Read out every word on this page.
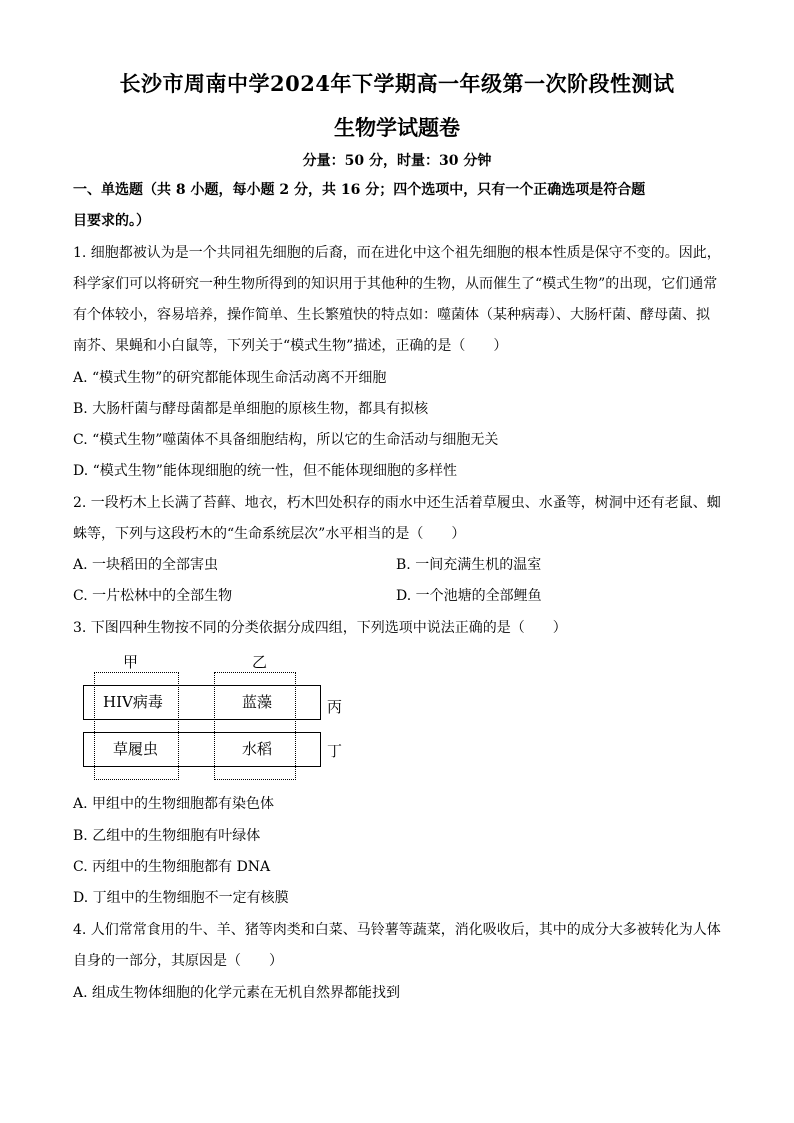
长沙市周南中学2024年下学期高一年级第一次阶段性测试
生物学试题卷
分量：50 分，时量：30 分钟
一、单选题（共 8 小题，每小题 2 分，共 16 分；四个选项中，只有一个正确选项是符合题
目要求的。）
1. 细胞都被认为是一个共同祖先细胞的后裔，而在进化中这个祖先细胞的根本性质是保守不变的。因此，
科学家们可以将研究一种生物所得到的知识用于其他种的生物，从而催生了“模式生物”的出现，它们通常
有个体较小，容易培养，操作简单、生长繁殖快的特点如：噬菌体（某种病毒）、大肠杆菌、酵母菌、拟
南芥、果蝇和小白鼠等，下列关于“模式生物”描述，正确的是（　　）
A. “模式生物”的研究都能体现生命活动离不开细胞
B. 大肠杆菌与酵母菌都是单细胞的原核生物，都具有拟核
C. “模式生物”噬菌体不具备细胞结构，所以它的生命活动与细胞无关
D. “模式生物”能体现细胞的统一性，但不能体现细胞的多样性
2. 一段朽木上长满了苔藓、地衣，朽木凹处积存的雨水中还生活着草履虫、水蚤等，树洞中还有老鼠、蜘
蛛等，下列与这段朽木的“生命系统层次”水平相当的是（　　）
A. 一块稻田的全部害虫	B. 一间充满生机的温室
C. 一片松林中的全部生物	D. 一个池塘的全部鲤鱼
3. 下图四种生物按不同的分类依据分成四组，下列选项中说法正确的是（　　）
甲	乙
HIV病毒	蓝藻
草履虫	水稻
丙
丁
A. 甲组中的生物细胞都有染色体
B. 乙组中的生物细胞有叶绿体
C. 丙组中的生物细胞都有 DNA
D. 丁组中的生物细胞不一定有核膜
4. 人们常常食用的牛、羊、猪等肉类和白菜、马铃薯等蔬菜，消化吸收后，其中的成分大多被转化为人体
自身的一部分，其原因是（　　）
A. 组成生物体细胞的化学元素在无机自然界都能找到
